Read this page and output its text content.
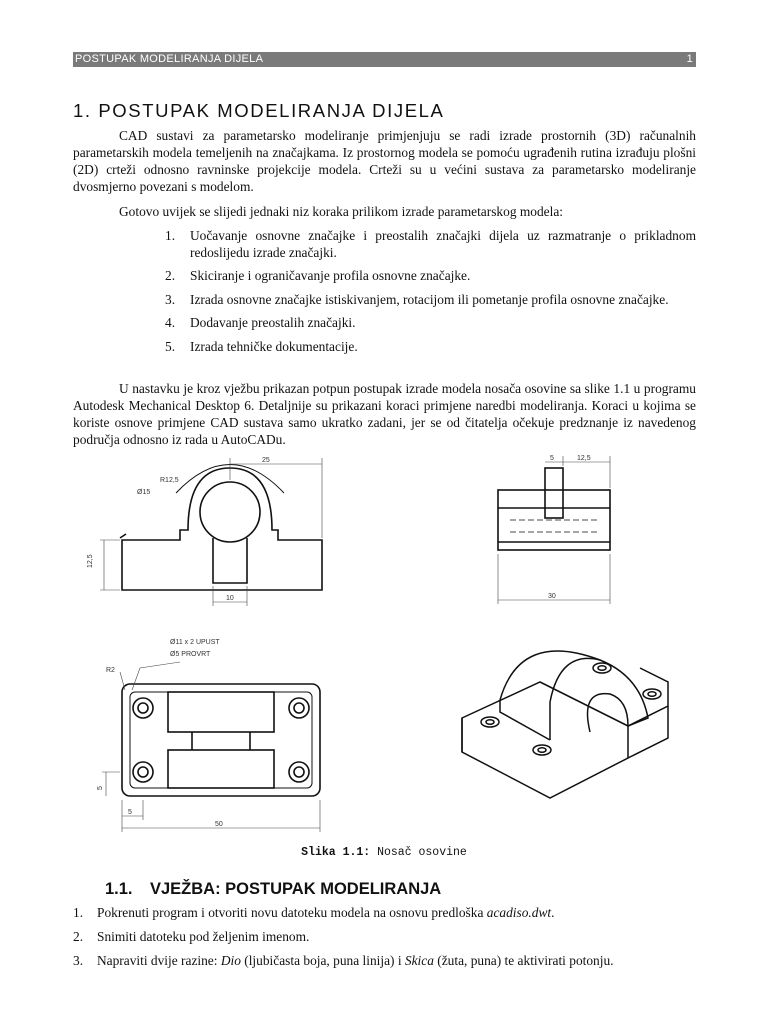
POSTUPAK MODELIRANJA DIJELA	1
1. POSTUPAK MODELIRANJA DIJELA
CAD sustavi za parametarsko modeliranje primjenjuju se radi izrade prostornih (3D) računalnih parametarskih modela temeljenih na značajkama. Iz prostornog modela se pomoću ugrađenih rutina izrađuju plošni (2D) crteži odnosno ravninske projekcije modela. Crteži su u većini sustava za parametarsko modeliranje dvosmjerno povezani s modelom.
Gotovo uvijek se slijedi jednaki niz koraka prilikom izrade parametarskog modela:
1. Uočavanje osnovne značajke i preostalih značajki dijela uz razmatranje o prikladnom redoslijedu izrade značajki.
2. Skiciranje i ograničavanje profila osnovne značajke.
3. Izrada osnovne značajke istiskivanjem, rotacijom ili pometanje profila osnovne značajke.
4. Dodavanje preostalih značajki.
5. Izrada tehničke dokumentacije.
U nastavku je kroz vježbu prikazan potpun postupak izrade modela nosača osovine sa slike 1.1 u programu Autodesk Mechanical Desktop 6. Detaljnije su prikazani koraci primjene naredbi modeliranja. Koraci u kojima se koriste osnove primjene CAD sustava samo ukratko zadani, jer se od čitatelja očekuje predznanje iz navedenog područja odnosno iz rada u AutoCADu.
25
R12,5
Ø15
12,5
10
5	12,5
30
Ø11 x 2 UPUST
Ø5 PROVRT
R2
5
5
50
Slika 1.1: Nosač osovine
1.1. VJEŽBA: POSTUPAK MODELIRANJA
1. Pokrenuti program i otvoriti novu datoteku modela na osnovu predloška acadiso.dwt.
2. Snimiti datoteku pod željenim imenom.
3. Napraviti dvije razine: Dio (ljubičasta boja, puna linija) i Skica (žuta, puna) te aktivirati potonju.
